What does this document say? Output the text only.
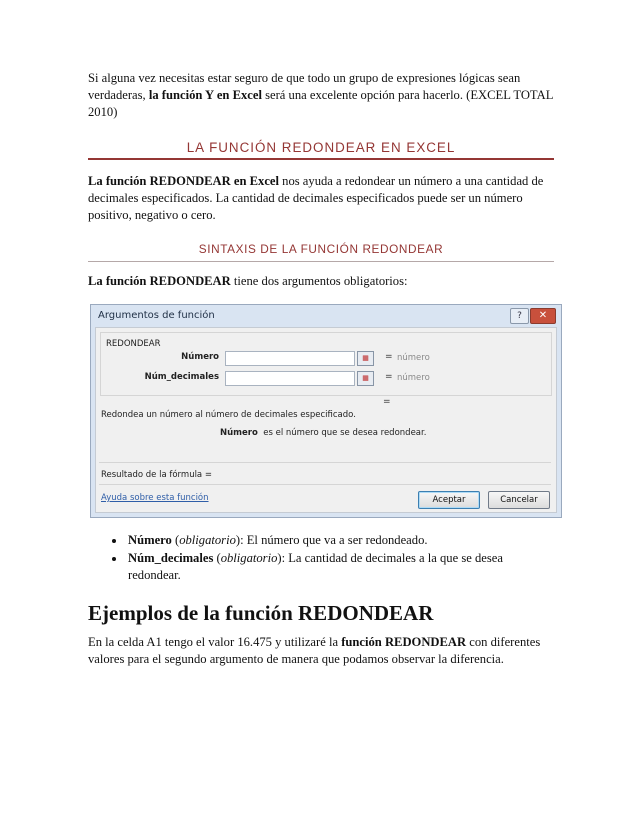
Si alguna vez necesitas estar seguro de que todo un grupo de expresiones lógicas sean verdaderas, la función Y en Excel será una excelente opción para hacerlo. (EXCEL TOTAL 2010)

LA FUNCIÓN REDONDEAR EN EXCEL

La función REDONDEAR en Excel nos ayuda a redondear un número a una cantidad de decimales especificados. La cantidad de decimales especificados puede ser un número positivo, negativo o cero.

SINTAXIS DE LA FUNCIÓN REDONDEAR

La función REDONDEAR tiene dos argumentos obligatorios:

Argumentos de función	?	✕
REDONDEAR
Número	▦	= número
Núm_decimales	▦	= número
=
Redondea un número al número de decimales especificado.
Número es el número que se desea redondear.
Resultado de la fórmula =
Ayuda sobre esta función	Aceptar	Cancelar
• Número (obligatorio): El número que va a ser redondeado.
• Núm_decimales (obligatorio): La cantidad de decimales a la que se desea redondear.
Ejemplos de la función REDONDEAR

En la celda A1 tengo el valor 16.475 y utilizaré la función REDONDEAR con diferentes valores para el segundo argumento de manera que podamos observar la diferencia.
